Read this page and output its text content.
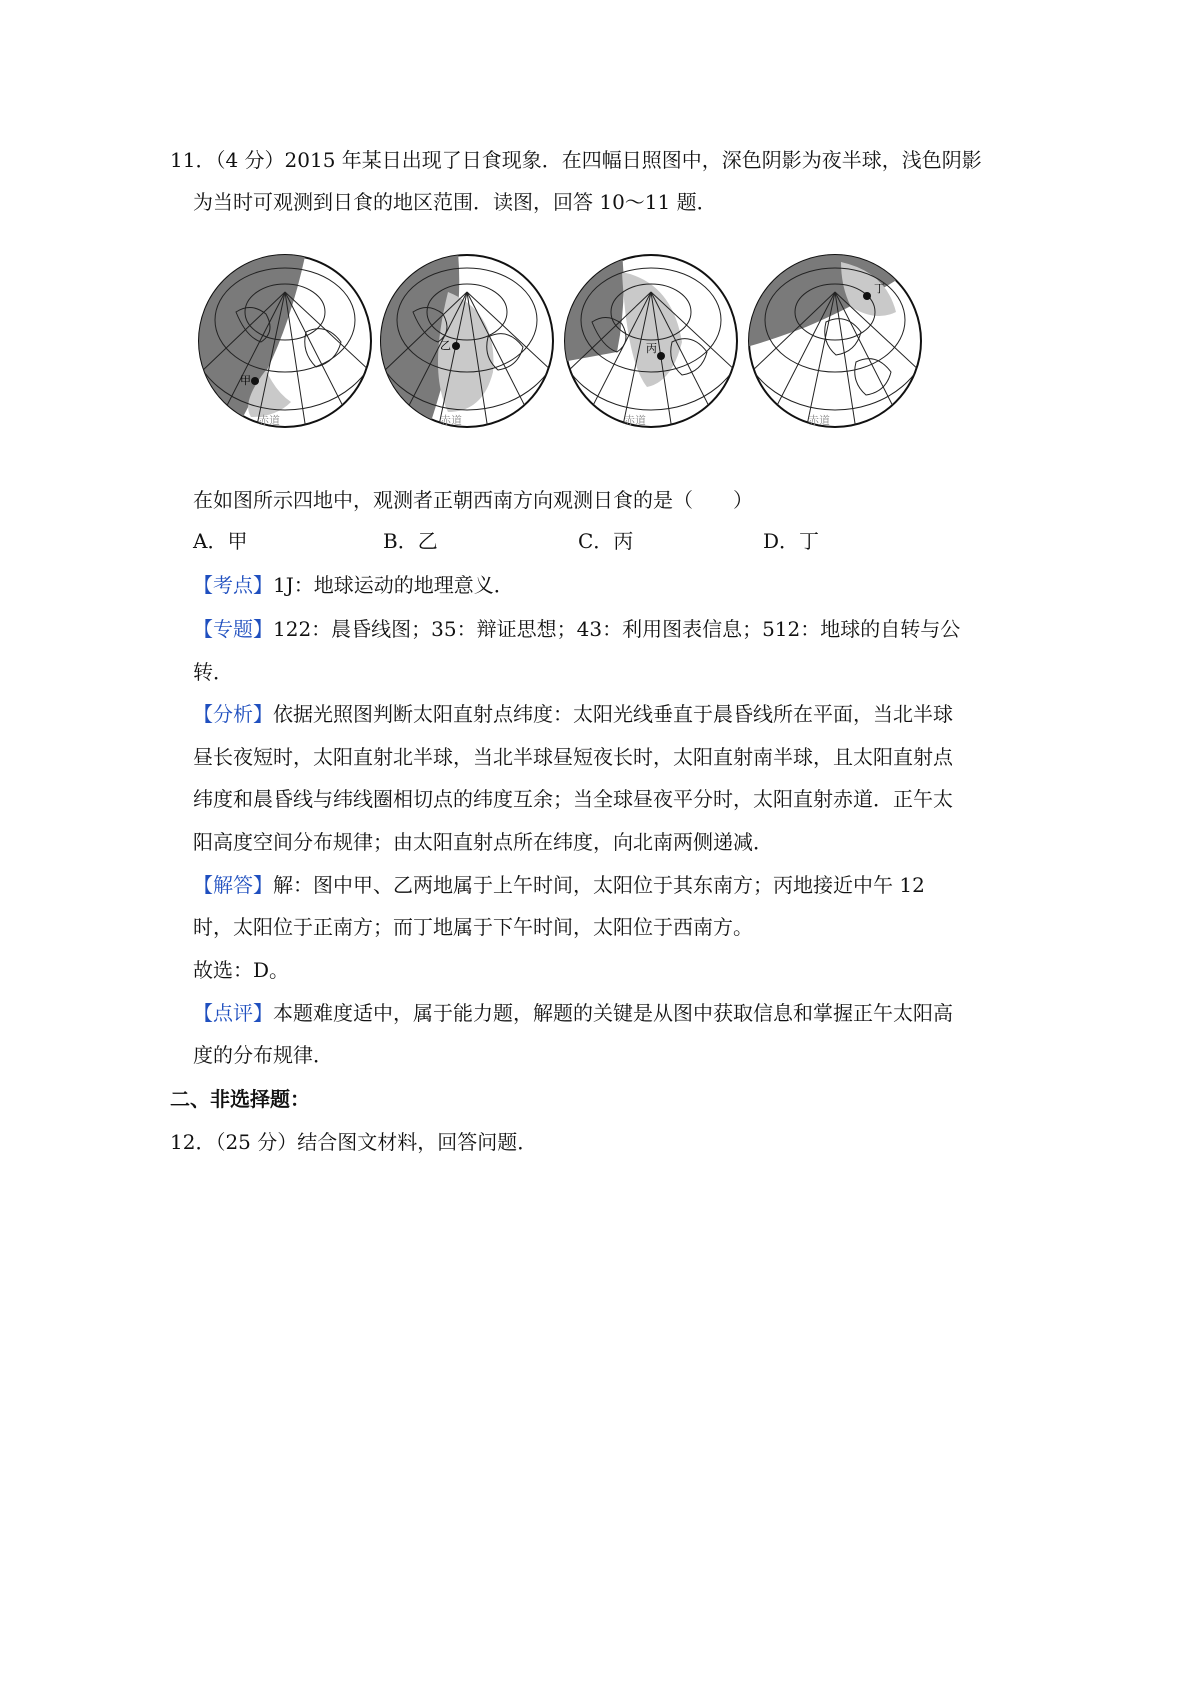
11．（4 分）2015 年某日出现了日食现象．在四幅日照图中，深色阴影为夜半球，浅色阴影
为当时可观测到日食的地区范围．读图，回答 10～11 题．
甲
赤道
乙
赤道
丙
赤道
丁
赤道
在如图所示四地中，观测者正朝西南方向观测日食的是（　　）
A．甲	B．乙	C．丙	D．丁
【考点】1J：地球运动的地理意义．
【专题】122：晨昏线图；35：辩证思想；43：利用图表信息；512：地球的自转与公
转．
【分析】依据光照图判断太阳直射点纬度：太阳光线垂直于晨昏线所在平面，当北半球
昼长夜短时，太阳直射北半球，当北半球昼短夜长时，太阳直射南半球，且太阳直射点
纬度和晨昏线与纬线圈相切点的纬度互余；当全球昼夜平分时，太阳直射赤道．正午太
阳高度空间分布规律；由太阳直射点所在纬度，向北南两侧递减．
【解答】解：图中甲、乙两地属于上午时间，太阳位于其东南方；丙地接近中午 12
时，太阳位于正南方；而丁地属于下午时间，太阳位于西南方。
故选：D。
【点评】本题难度适中，属于能力题，解题的关键是从图中获取信息和掌握正午太阳高
度的分布规律．
二、非选择题：
12．（25 分）结合图文材料，回答问题．
